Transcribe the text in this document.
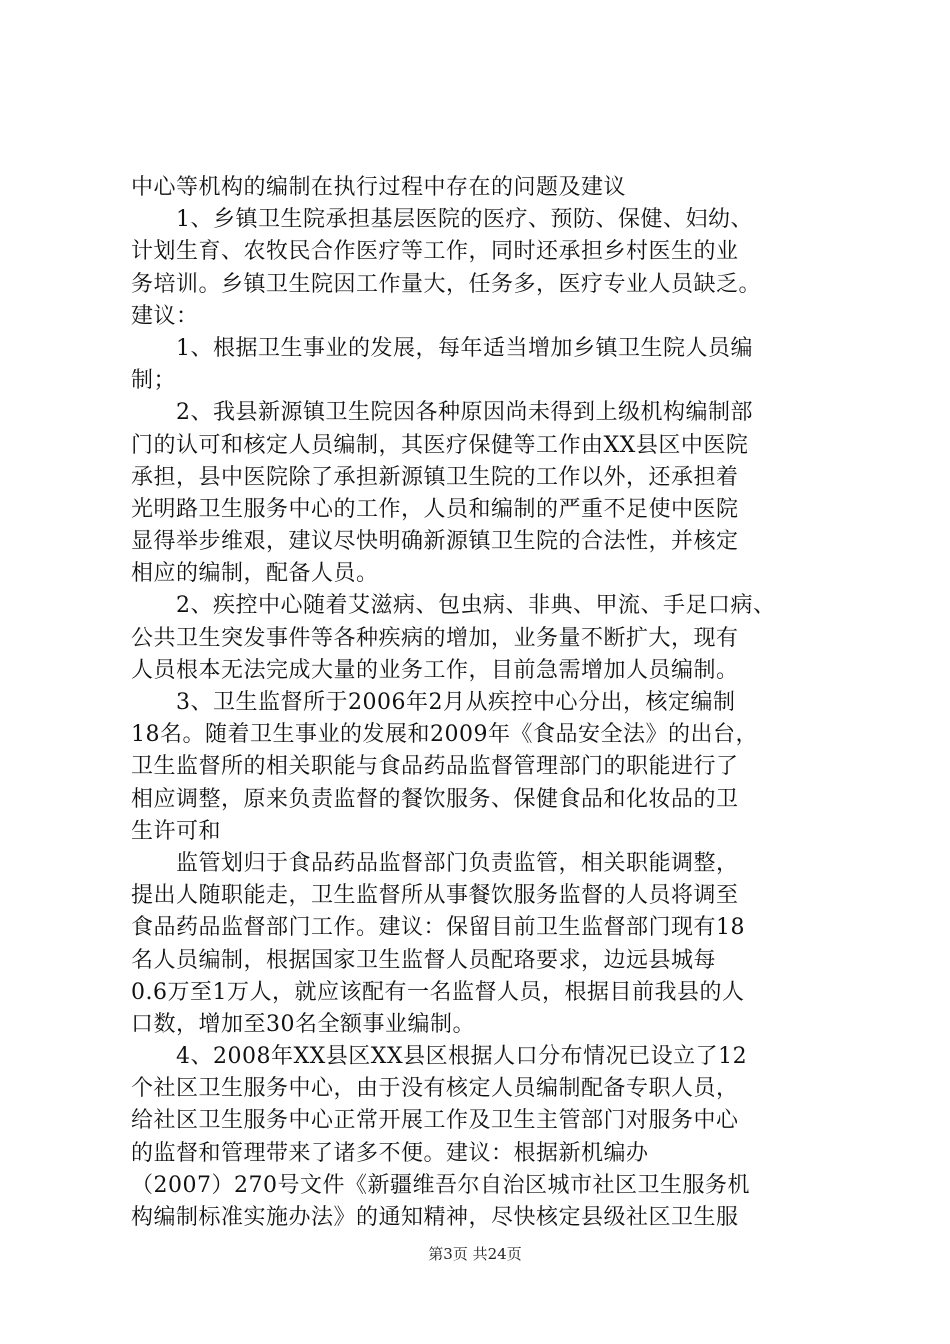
中心等机构的编制在执行过程中存在的问题及建议
　　1、乡镇卫生院承担基层医院的医疗、预防、保健、妇幼、
计划生育、农牧民合作医疗等工作，同时还承担乡村医生的业
务培训。乡镇卫生院因工作量大，任务多，医疗专业人员缺乏。
建议：
　　1、根据卫生事业的发展，每年适当增加乡镇卫生院人员编
制；
　　2、我县新源镇卫生院因各种原因尚未得到上级机构编制部
门的认可和核定人员编制，其医疗保健等工作由XX县区中医院
承担，县中医院除了承担新源镇卫生院的工作以外，还承担着
光明路卫生服务中心的工作，人员和编制的严重不足使中医院
显得举步维艰，建议尽快明确新源镇卫生院的合法性，并核定
相应的编制，配备人员。
　　2、疾控中心随着艾滋病、包虫病、非典、甲流、手足口病、
公共卫生突发事件等各种疾病的增加，业务量不断扩大，现有
人员根本无法完成大量的业务工作，目前急需增加人员编制。
　　3、卫生监督所于2006年2月从疾控中心分出，核定编制
18名。随着卫生事业的发展和2009年《食品安全法》的出台，
卫生监督所的相关职能与食品药品监督管理部门的职能进行了
相应调整，原来负责监督的餐饮服务、保健食品和化妆品的卫
生许可和
　　监管划归于食品药品监督部门负责监管，相关职能调整，
提出人随职能走，卫生监督所从事餐饮服务监督的人员将调至
食品药品监督部门工作。建议：保留目前卫生监督部门现有18
名人员编制，根据国家卫生监督人员配珞要求，边远县城每
0.6万至1万人，就应该配有一名监督人员，根据目前我县的人
口数，增加至30名全额事业编制。
　　4、2008年XX县区XX县区根据人口分布情况已设立了12
个社区卫生服务中心，由于没有核定人员编制配备专职人员，
给社区卫生服务中心正常开展工作及卫生主管部门对服务中心
的监督和管理带来了诸多不便。建议：根据新机编办
（2007）270号文件《新疆维吾尔自治区城市社区卫生服务机
构编制标准实施办法》的通知精神，尽快核定县级社区卫生服
第3页 共24页
